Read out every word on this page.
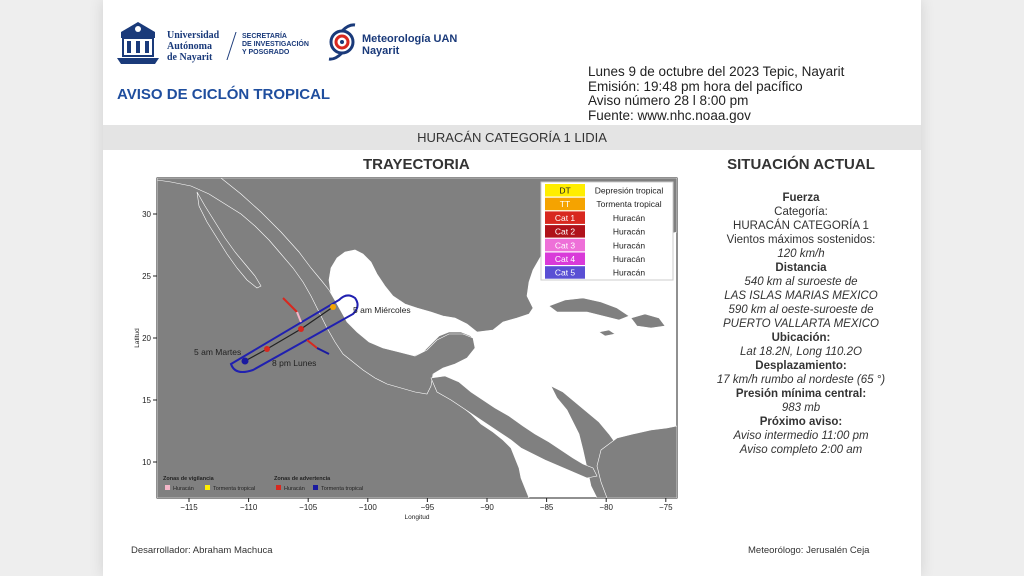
Universidad
Autónoma
de Nayarit
SECRETARÍA
DE INVESTIGACIÓN
Y POSGRADO
Meteorología UAN
Nayarit
AVISO DE CICLÓN TROPICAL
Lunes 9 de octubre del 2023 Tepic, Nayarit
Emisión: 19:48 pm hora del pacífico
Aviso número 28 l 8:00 pm
Fuente: www.nhc.noaa.gov
HURACÁN CATEGORÍA 1 LIDIA
TRAYECTORIA	SITUACIÓN ACTUAL
5 am Miércoles
5 am Martes
8 pm Lunes
DT	Depresión tropical
TT	Tormenta tropical
Cat 1	Huracán
Cat 2	Huracán
Cat 3	Huracán
Cat 4	Huracán
Cat 5	Huracán
Zonas de vigilancia
Huracán	Tormenta tropical
Zonas de advertencia
Huracán	Tormenta tropical
−115	−110	−105	−100	−95	−90	−85	−80	−75
30
25
20
15
10
Longitud
Latitud
Fuerza
Categoría:
HURACÁN CATEGORÍA 1
Vientos máximos sostenidos:
120 km/h
Distancia
540 km al suroeste de
LAS ISLAS MARIAS MEXICO
590 km al oeste-suroeste de
PUERTO VALLARTA MEXICO
Ubicación:
Lat 18.2N, Long 110.2O
Desplazamiento:
17 km/h rumbo al nordeste (65 °)
Presión mínima central:
983 mb
Próximo aviso:
Aviso intermedio 11:00 pm
Aviso completo 2:00 am
Desarrollador: Abraham Machuca	Meteorólogo: Jerusalén Ceja
